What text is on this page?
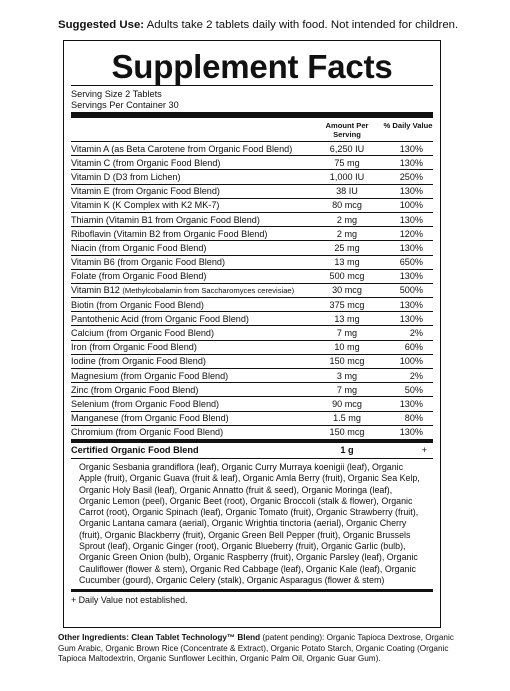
Suggested Use: Adults take 2 tablets daily with food. Not intended for children.
Supplement Facts
Serving Size 2 Tablets
Servings Per Container 30
Amount Per Serving
% Daily Value
Vitamin A (as Beta Carotene from Organic Food Blend)	6,250 IU	130%
Vitamin C (from Organic Food Blend)	75 mg	130%
Vitamin D (D3 from Lichen)	1,000 IU	250%
Vitamin E (from Organic Food Blend)	38 IU	130%
Vitamin K (K Complex with K2 MK-7)	80 mcg	100%
Thiamin (Vitamin B1 from Organic Food Blend)	2 mg	130%
Riboflavin (Vitamin B2 from Organic Food Blend)	2 mg	120%
Niacin (from Organic Food Blend)	25 mg	130%
Vitamin B6 (from Organic Food Blend)	13 mg	650%
Folate (from Organic Food Blend)	500 mcg	130%
Vitamin B12 (Methylcobalamin from Saccharomyces cerevisiae)	30 mcg	500%
Biotin (from Organic Food Blend)	375 mcg	130%
Pantothenic Acid (from Organic Food Blend)	13 mg	130%
Calcium (from Organic Food Blend)	7 mg	2%
Iron (from Organic Food Blend)	10 mg	60%
Iodine (from Organic Food Blend)	150 mcg	100%
Magnesium (from Organic Food Blend)	3 mg	2%
Zinc (from Organic Food Blend)	7 mg	50%
Selenium (from Organic Food Blend)	90 mcg	130%
Manganese (from Organic Food Blend)	1.5 mg	80%
Chromium (from Organic Food Blend)	150 mcg	130%
Certified Organic Food Blend	1 g	+
Organic Sesbania grandiflora (leaf), Organic Curry Murraya koenigii (leaf), Organic Apple (fruit), Organic Guava (fruit & leaf), Organic Amla Berry (fruit), Organic Sea Kelp, Organic Holy Basil (leaf), Organic Annatto (fruit & seed), Organic Moringa (leaf), Organic Lemon (peel), Organic Beet (root), Organic Broccoli (stalk & flower), Organic Carrot (root), Organic Spinach (leaf), Organic Tomato (fruit), Organic Strawberry (fruit), Organic Lantana camara (aerial), Organic Wrightia tinctoria (aerial), Organic Cherry (fruit), Organic Blackberry (fruit), Organic Green Bell Pepper (fruit), Organic Brussels Sprout (leaf), Organic Ginger (root), Organic Blueberry (fruit), Organic Garlic (bulb), Organic Green Onion (bulb), Organic Raspberry (fruit), Organic Parsley (leaf), Organic Cauliflower (flower & stem), Organic Red Cabbage (leaf), Organic Kale (leaf), Organic Cucumber (gourd), Organic Celery (stalk), Organic Asparagus (flower & stem)
+ Daily Value not established.
Other Ingredients: Clean Tablet Technology™ Blend (patent pending): Organic Tapioca Dextrose, Organic Gum Arabic, Organic Brown Rice (Concentrate & Extract), Organic Potato Starch, Organic Coating (Organic Tapioca Maltodextrin, Organic Sunflower Lecithin, Organic Palm Oil, Organic Guar Gum).
